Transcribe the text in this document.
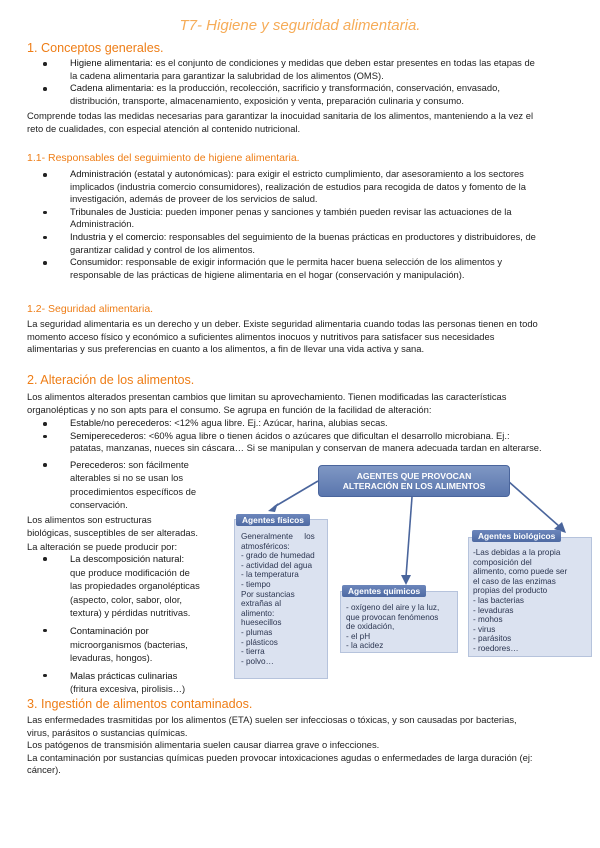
T7- Higiene y seguridad alimentaria.
1. Conceptos generales.
Higiene alimentaria: es el conjunto de condiciones y medidas que deben estar presentes en todas las etapas de
la cadena alimentaria para garantizar la salubridad de los alimentos (OMS).
Cadena alimentaria: es la producción, recolección, sacrificio y transformación, conservación, envasado,
distribución, transporte, almacenamiento, exposición y venta, preparación culinaria y consumo.
Comprende todas las medidas necesarias para garantizar la inocuidad sanitaria de los alimentos, manteniendo a la vez el
reto de cualidades, con especial atención al contenido nutricional.
1.1- Responsables del seguimiento de higiene alimentaria.
Administración (estatal y autonómicas): para exigir el estricto cumplimiento, dar asesoramiento a los sectores
implicados (industria comercio consumidores), realización de estudios para recogida de datos y fomento de la
investigación, además de proveer de los servicios de salud.
Tribunales de Justicia: pueden imponer penas y sanciones y también pueden revisar las actuaciones de la
Administración.
Industria y el comercio: responsables del seguimiento de la buenas prácticas en productores y distribuidores, de
garantizar calidad y control de los alimentos.
Consumidor: responsable de exigir información que le permita hacer buena selección de los alimentos y
responsable de las prácticas de higiene alimentaria en el hogar (conservación y manipulación).
1.2- Seguridad alimentaria.
La seguridad alimentaria es un derecho y un deber. Existe seguridad alimentaria cuando todas las personas tienen en todo
momento acceso físico y económico a suficientes alimentos inocuos y nutritivos para satisfacer sus necesidades
alimentarias y sus preferencias en cuanto a los alimentos, a fin de llevar una vida activa y sana.
2. Alteración de los alimentos.
Los alimentos alterados presentan cambios que limitan su aprovechamiento. Tienen modificadas las características
organolépticas y no son apts para el consumo. Se agrupa en función de la facilidad de alteración:
Estable/no perecederos: <12% agua libre. Ej.: Azúcar, harina, alubias secas.
Semiperecederos: <60% agua libre o tienen ácidos o azúcares que dificultan el desarrollo microbiana. Ej.:
patatas, manzanas, nueces sin cáscara… Si se manipulan y conservan de manera adecuada tardan en alterarse.
Perecederos: son fácilmente
alterables si no se usan los
procedimientos específicos de
conservación.
Los alimentos son estructuras
biológicas, susceptibles de ser alteradas.
La alteración se puede producir por:
La descomposición natural:
que produce modificación de
las propiedades organolépticas
(aspecto, color, sabor, olor,
textura) y pérdidas nutritivas.
Contaminación por
microorganismos (bacterias,
levaduras, hongos).
Malas prácticas culinarias
(fritura excesiva, pirolisis…)
AGENTES QUE PROVOCAN
ALTERACIÓN EN LOS ALIMENTOS
Generalmente     los
atmosféricos:
- grado de humedad
- actividad del agua
- la temperatura
- tiempo
Por sustancias
extrañas al
alimento:
huesecillos
- plumas
- plásticos
- tierra
- polvo…
Agentes físicos
- oxígeno del aire y la luz,
que provocan fenómenos
de oxidación,
- el pH
- la acidez
Agentes químicos
-Las debidas a la propia
composición del
alimento, como puede ser
el caso de las enzimas
propias del producto
- las bacterias
- levaduras
- mohos
- virus
- parásitos
- roedores…
Agentes biológicos
3. Ingestión de alimentos contaminados.
Las enfermedades trasmitidas por los alimentos (ETA) suelen ser infecciosas o tóxicas, y son causadas por bacterias,
virus, parásitos o sustancias químicas.
Los patógenos de transmisión alimentaria suelen causar diarrea grave o infecciones.
La contaminación por sustancias químicas pueden provocar intoxicaciones agudas o enfermedades de larga duración (ej:
cáncer).
